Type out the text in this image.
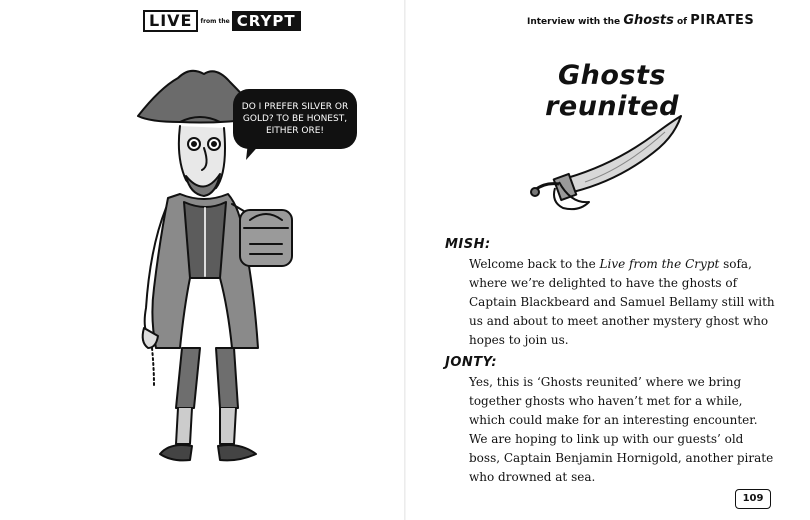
LIVE	from the CRYPT
DO I PREFER SILVER OR GOLD? TO BE HONEST, EITHER ORE!
Interview with the Ghosts of PIRATES
Ghosts reunited
MISH:
Welcome back to the Live from the Crypt sofa, where we’re delighted to have the ghosts of Captain Blackbeard and Samuel Bellamy still with us and about to meet another mystery ghost who hopes to join us.
JONTY:
Yes, this is ‘Ghosts reunited’ where we bring together ghosts who haven’t met for a while, which could make for an interesting encounter. We are hoping to link up with our guests’ old boss, Captain Benjamin Hornigold, another pirate who drowned at sea.
109
